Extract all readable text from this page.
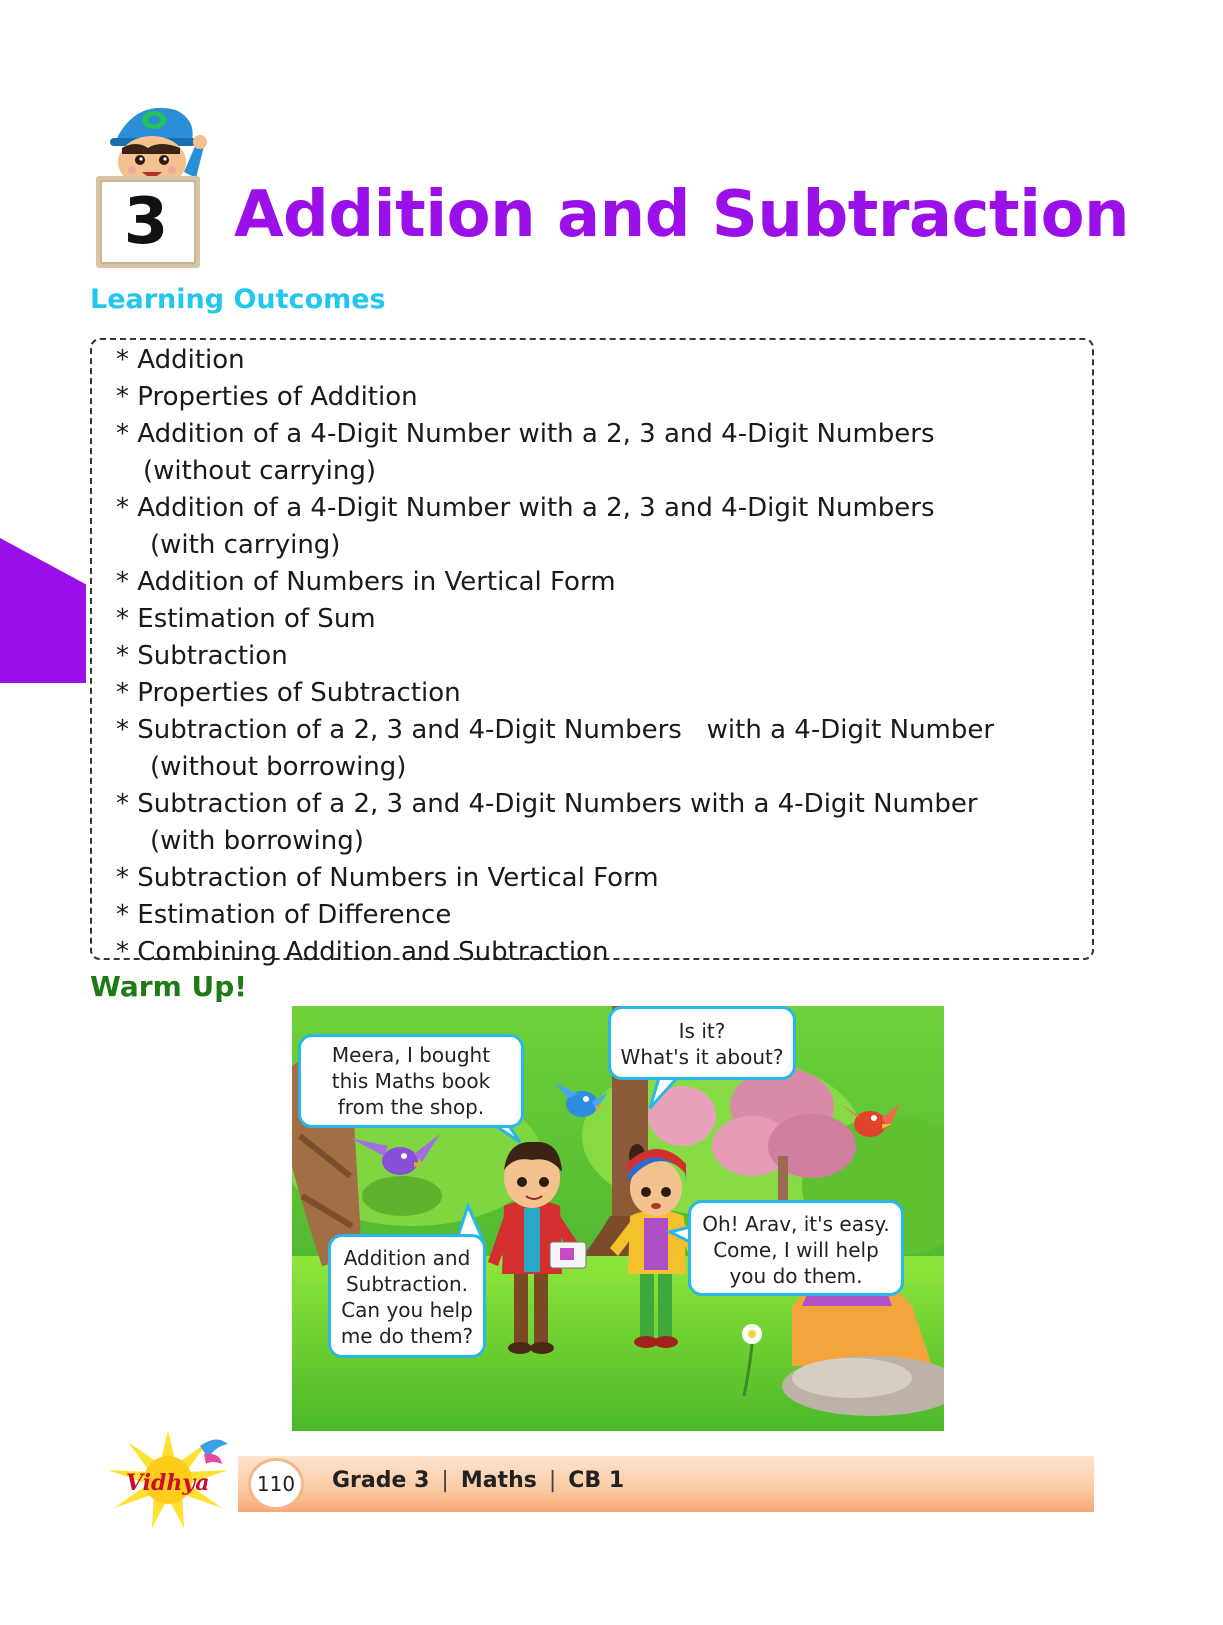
3	Addition and Subtraction
Learning Outcomes
* Addition
* Properties of Addition
* Addition of a 4-Digit Number with a 2, 3 and 4-Digit Numbers
(without carrying)
* Addition of a 4-Digit Number with a 2, 3 and 4-Digit Numbers
(with carrying)
* Addition of Numbers in Vertical Form
* Estimation of Sum
* Subtraction
* Properties of Subtraction
* Subtraction of a 2, 3 and 4-Digit Numbers   with a 4-Digit Number
(without borrowing)
* Subtraction of a 2, 3 and 4-Digit Numbers with a 4-Digit Number
(with borrowing)
* Subtraction of Numbers in Vertical Form
* Estimation of Difference
* Combining Addition and Subtraction
Warm Up!
Meera, I bought
this Maths book
from the shop.
Is it?
What's it about?
Addition and
Subtraction.
Can you help
me do them?
Oh! Arav, it's easy.
Come, I will help
you do them.
Vidhya	110	Grade 3 | Maths | CB 1
